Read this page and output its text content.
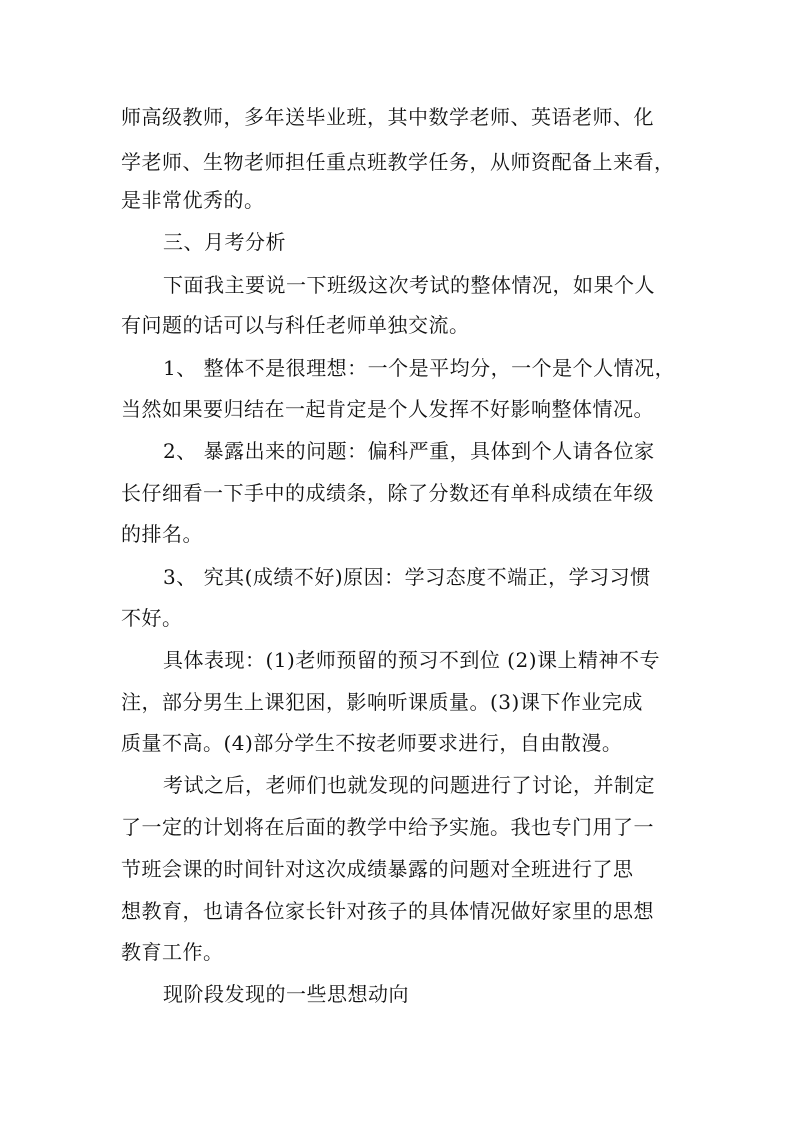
师高级教师，多年送毕业班，其中数学老师、英语老师、化

学老师、生物老师担任重点班教学任务，从师资配备上来看，

是非常优秀的。

三、月考分析

下面我主要说一下班级这次考试的整体情况，如果个人

有问题的话可以与科任老师单独交流。

1、 整体不是很理想：一个是平均分，一个是个人情况，

当然如果要归结在一起肯定是个人发挥不好影响整体情况。

2、 暴露出来的问题：偏科严重，具体到个人请各位家

长仔细看一下手中的成绩条，除了分数还有单科成绩在年级

的排名。

3、 究其(成绩不好)原因：学习态度不端正，学习习惯

不好。

具体表现：(1)老师预留的预习不到位 (2)课上精神不专

注，部分男生上课犯困，影响听课质量。(3)课下作业完成

质量不高。(4)部分学生不按老师要求进行，自由散漫。

考试之后，老师们也就发现的问题进行了讨论，并制定

了一定的计划将在后面的教学中给予实施。我也专门用了一

节班会课的时间针对这次成绩暴露的问题对全班进行了思

想教育，也请各位家长针对孩子的具体情况做好家里的思想

教育工作。

现阶段发现的一些思想动向
